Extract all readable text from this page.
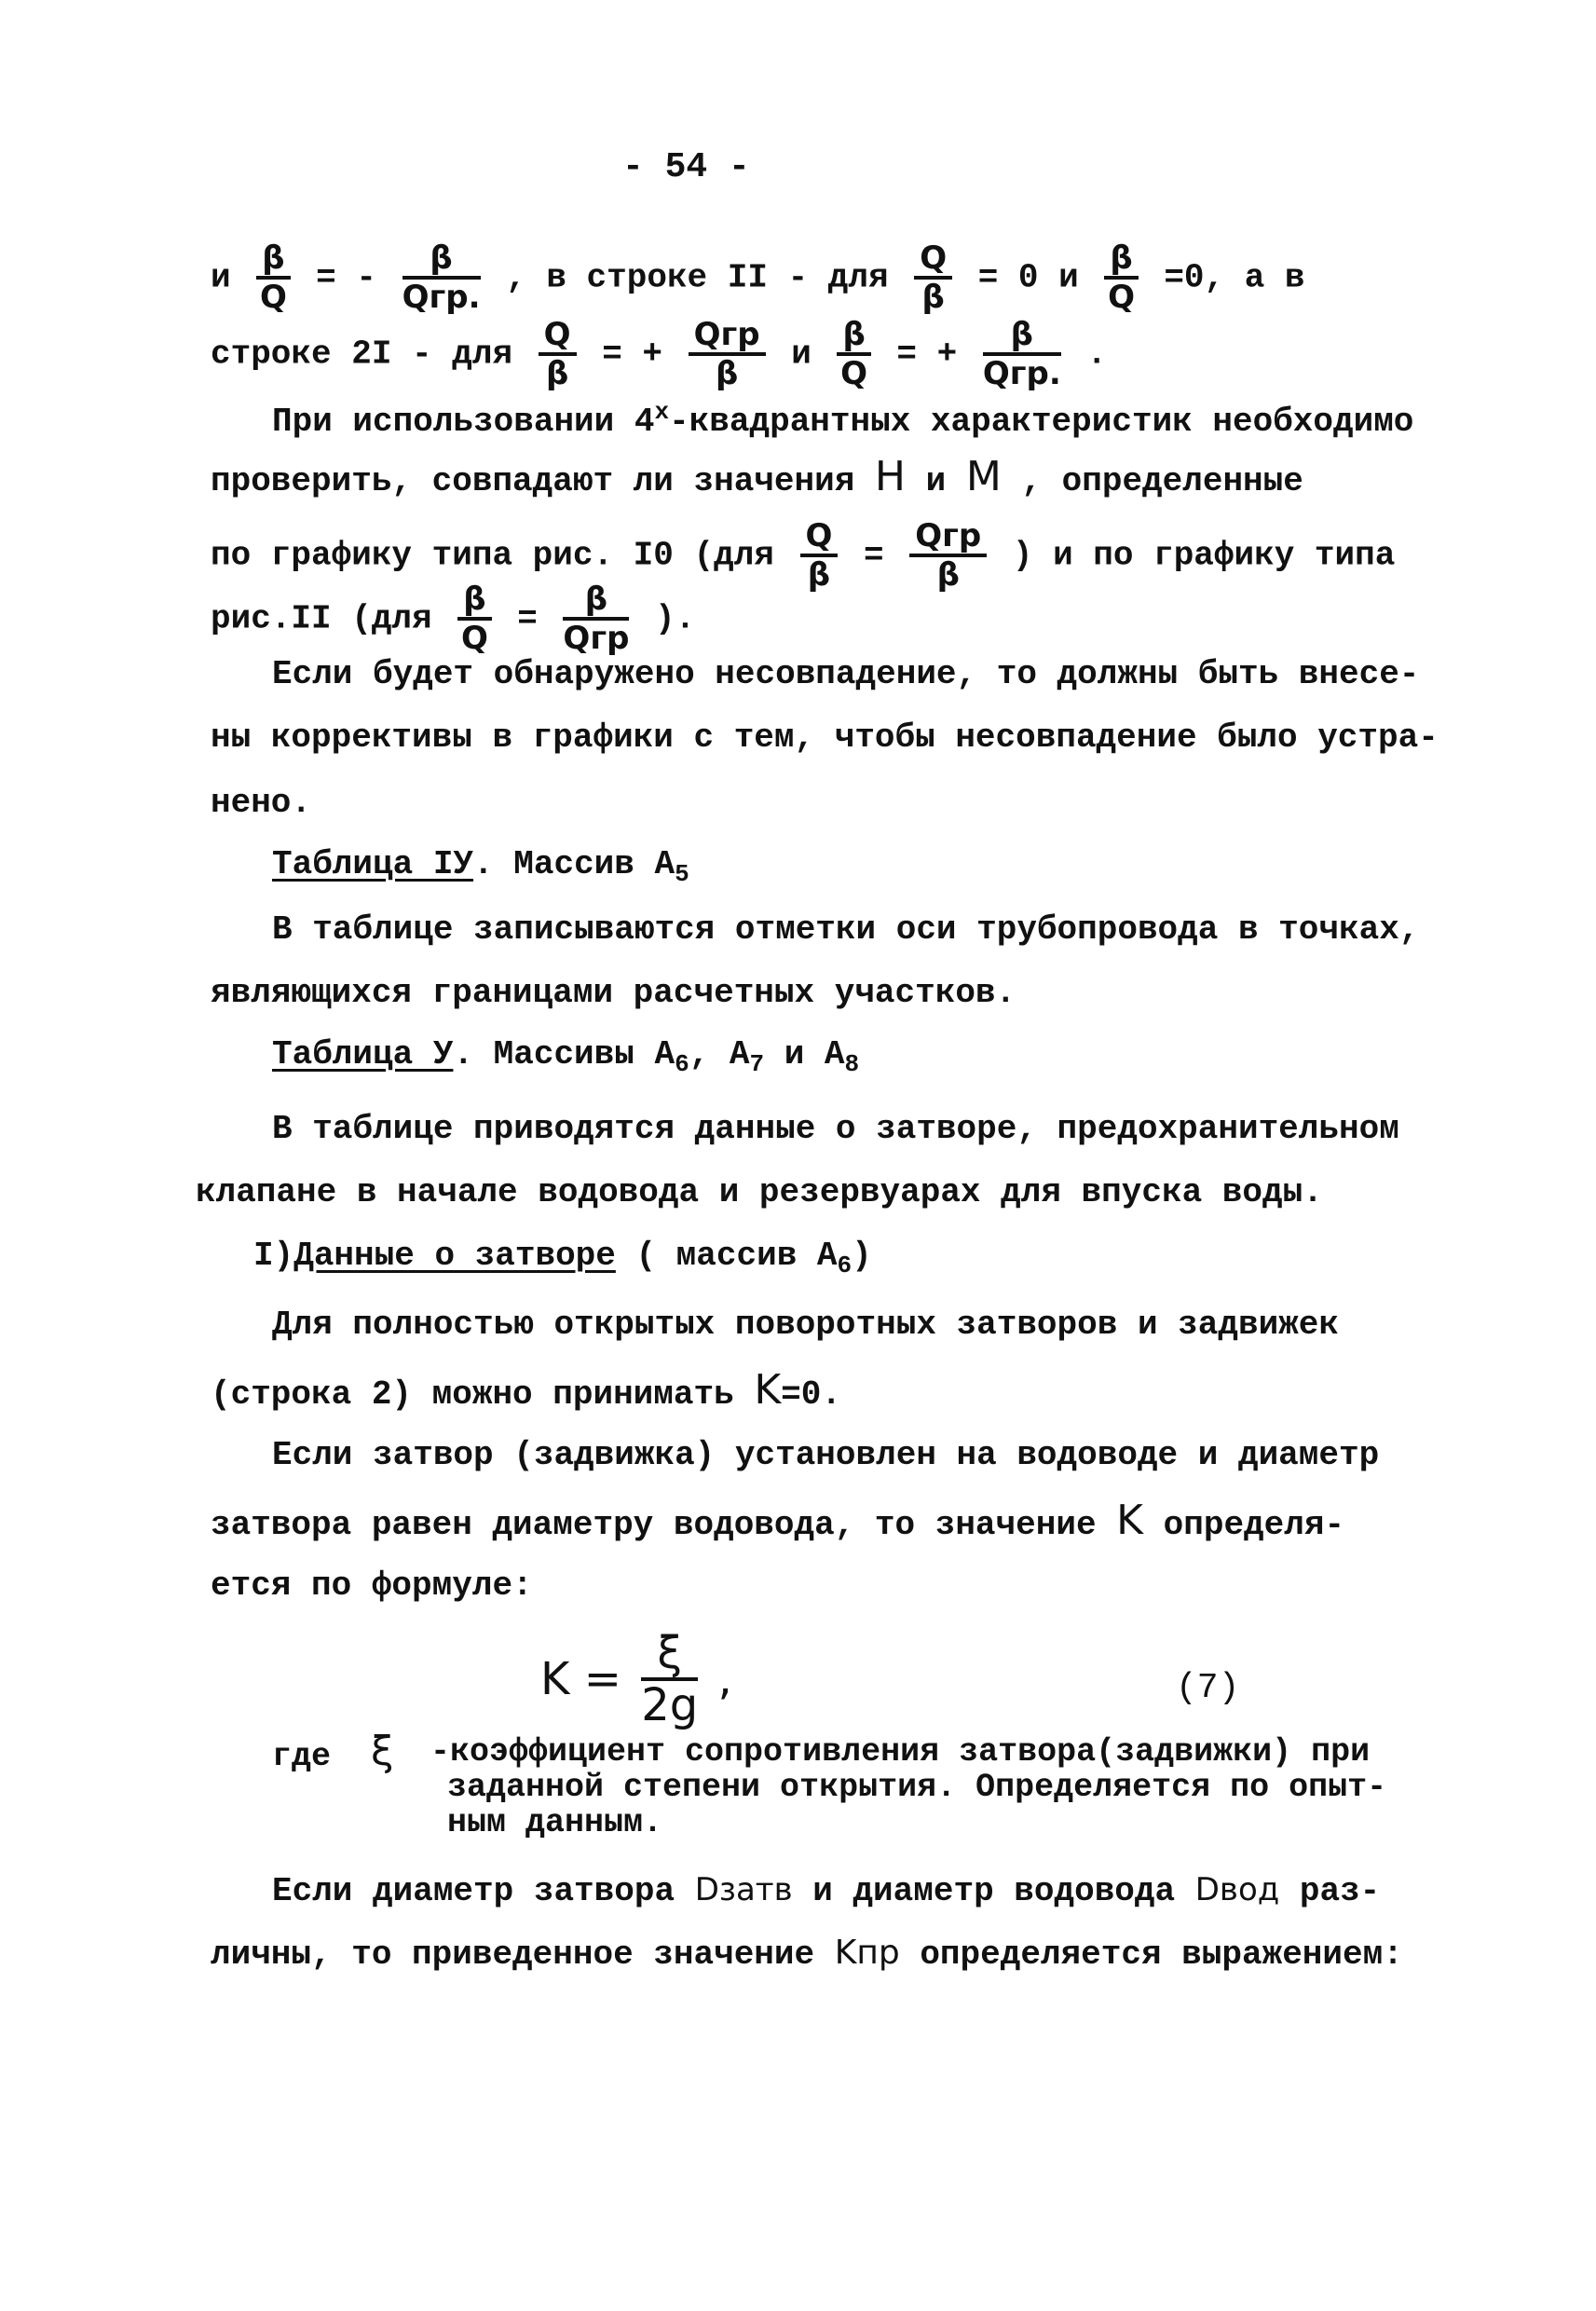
- 54 -
и $\frac{\beta}{Q}$ = - $\frac{\beta}{\text{Qгр.}}$ , в строке II - для $\frac{Q}{\beta} = 0$ и $\frac{\beta}{Q} =0$, а в
строке 2I - для $\frac{Q}{\beta}$ = + $\frac{\text{Qгр}}{\beta}$ и $\frac{\beta}{Q}$ = + $\frac{\beta}{\text{Qгр.}}$ .
При использовании $4^х$-квадрантных характеристик необходимо
проверить, совпадают ли значения H и M , определенные
по графику типа рис. I0 ($для \frac{Q}{\beta} = \frac{\text{Qгр}}{\beta}$ ) и по графику типа
рис.II ($для \frac{\beta}{Q} = \frac{\beta}{\text{Qгр}}$ ).
Если будет обнаружено несовпадение, то должны быть внесе-
ны коррективы в графики с тем, чтобы несовпадение было устра-
нено.
Таблица IУ. Массив $A_5$
В таблице записываются отметки оси трубопровода в точках,
являющихся границами расчетных участков.
Таблица У. Массивы $A_6$, $A_7$ и $A_8$
В таблице приводятся данные о затворе, предохранительном
клапане в начале водовода и резервуарах для впуска воды.
I)Данные о затворе ( массив $A_6$)
Для полностью открытых поворотных затворов и задвижек
(строка 2) можно принимать K=0.
Если затвор (задвижка) установлен на водоводе и диаметр
затвора равен диаметру водовода, то значение K определя-
ется по формуле:
$K = \frac{\xi}{2g}$ ,	(7)
где ξ -коэффициент сопротивления затвора(задвижки) при
заданной степени открытия. Определяется по опыт-
ным данным.
Если диаметр затвора Dзатв и диаметр водовода Dвод раз-
личны, то приведенное значение Kпр определяется выражением:
